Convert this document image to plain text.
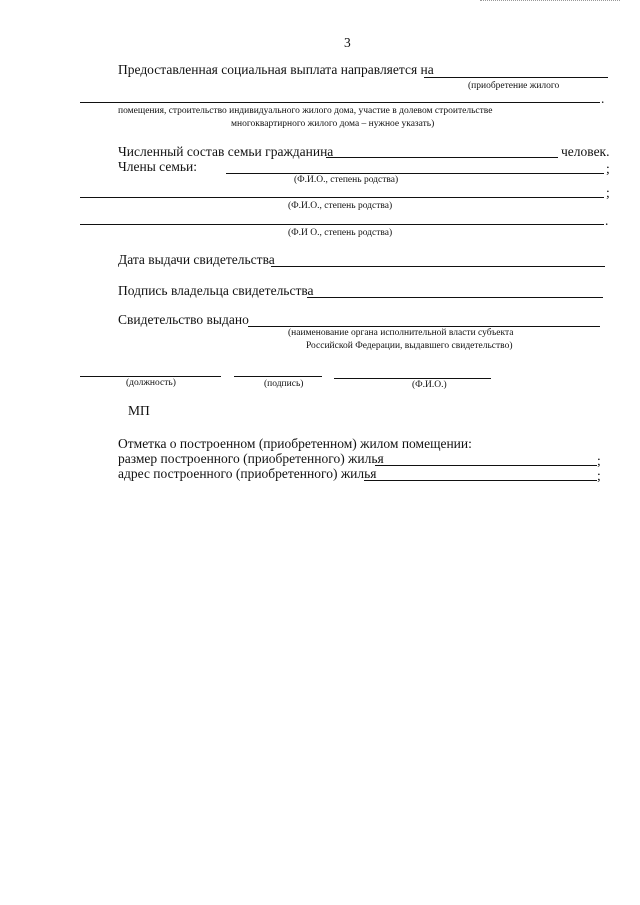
3
Предоставленная социальная выплата направляется на
(приобретение жилого
.
помещения, строительство индивидуального жилого дома, участие в долевом строительстве
многоквартирного жилого дома – нужное указать)
Численный состав семьи гражданина	человек.
Члены семьи:	;
(Ф.И.О., степень родства)
;
(Ф.И.О., степень родства)
.
(Ф.И О., степень родства)
Дата выдачи свидетельства
Подпись владельца свидетельства
Свидетельство выдано
(наименование органа исполнительной власти субъекта
Российской Федерации, выдавшего свидетельство)
(должность)	(подпись)	(Ф.И.О.)
МП
Отметка о построенном (приобретенном) жилом помещении:
размер построенного (приобретенного) жилья	;
адрес построенного (приобретенного) жилья	;
